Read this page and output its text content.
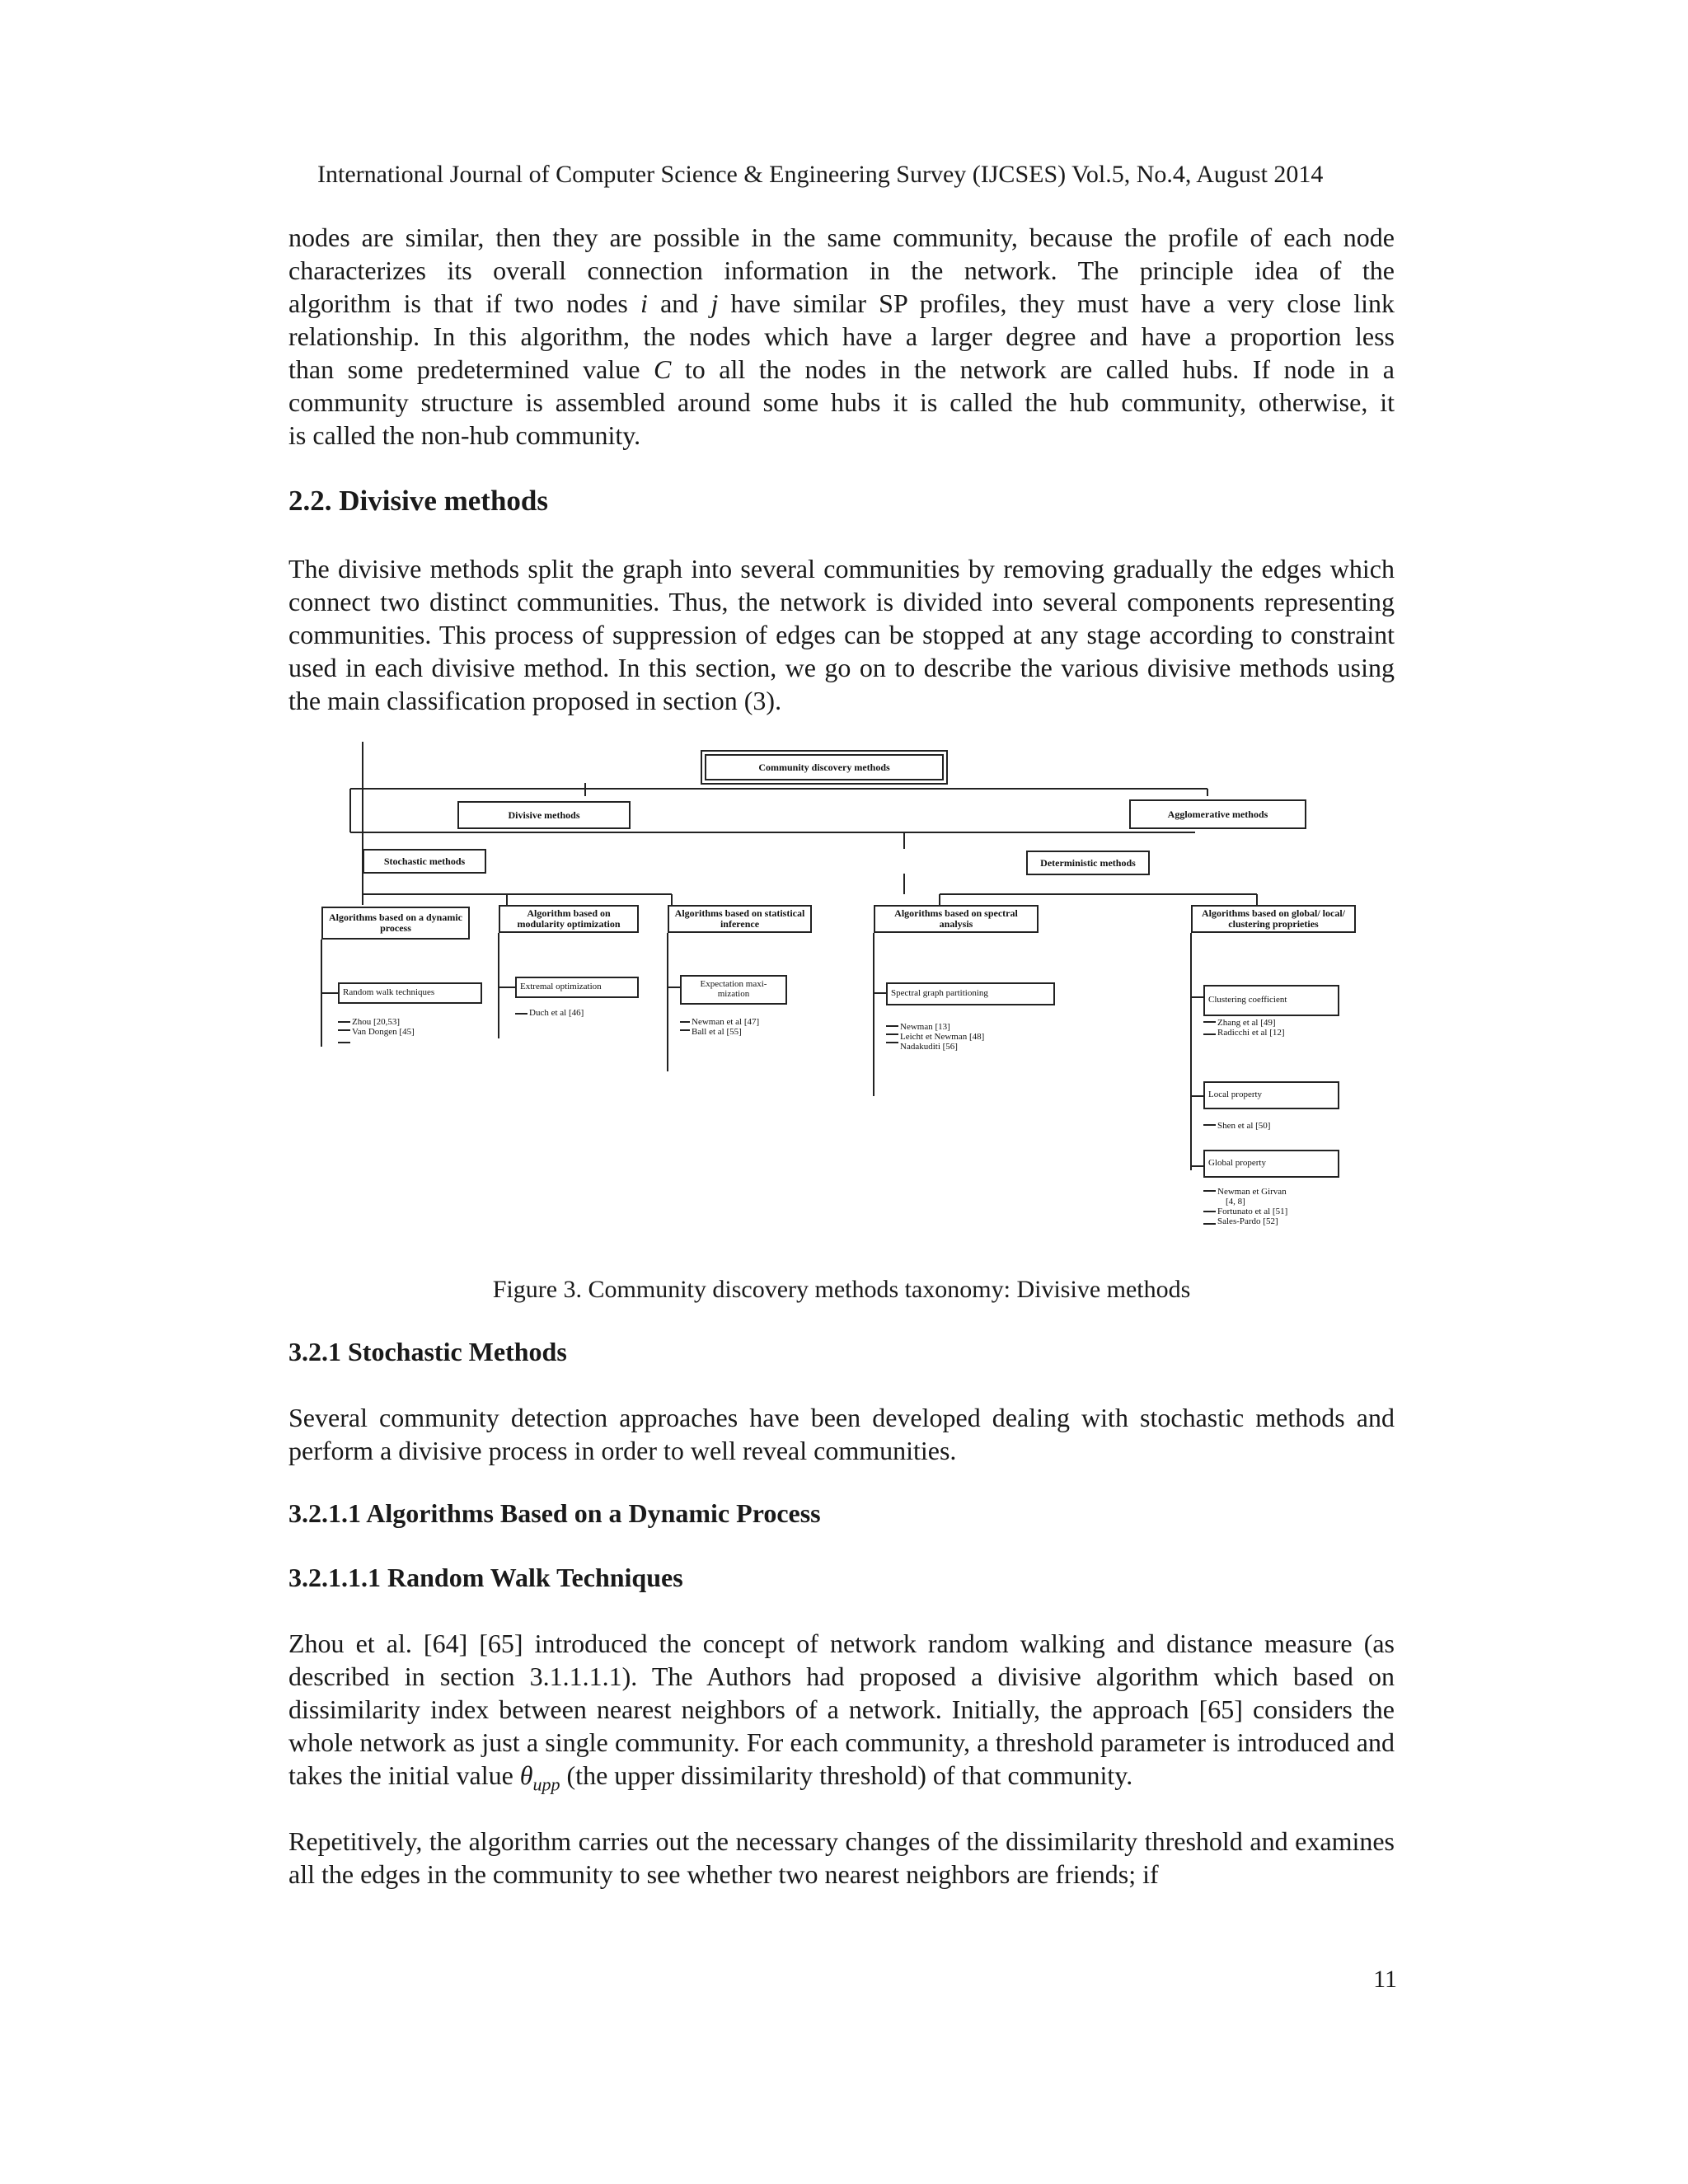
International Journal of Computer Science & Engineering Survey (IJCSES) Vol.5, No.4, August 2014
nodes are similar, then they are possible in the same community, because the profile of each node
characterizes its overall connection information in the network. The principle idea of the
algorithm is that if two nodes i and j have similar SP profiles, they must have a very close link
relationship. In this algorithm, the nodes which have a larger degree and have a proportion less
than some predetermined value C to all the nodes in the network are called hubs. If node in a
community structure is assembled around some hubs it is called the hub community, otherwise, it
is called the non-hub community.
2.2. Divisive methods

The divisive methods split the graph into several communities by removing gradually the edges which connect two distinct communities. Thus, the network is divided into several components representing communities. This process of suppression of edges can be stopped at any stage according to constraint used in each divisive method. In this section, we go on to describe the various divisive methods using the main classification proposed in section (3).

Community discovery methods
Divisive methods	Agglomerative methods
Stochastic methods	Deterministic methods
Algorithms based on a dynamic process
Algorithm based on modularity optimization
Algorithms based on statistical inference
Algorithms based on spectral analysis
Algorithms based on global/ local/ clustering proprieties
Random walk techniques
Extremal optimization	Expectation maxi-mization	Spectral graph partitioning
Clustering coefficient
Local property
Global property
Zhou [20,53]
Van Dongen [45]
Duch et al [46]
Newman et al [47]
Ball et al [55]	Newman [13]
Leicht et Newman [48]
Nadakuditi [56]
Zhang et al [49]
Radicchi et al [12]
Shen et al [50]
Newman et Girvan
[4, 8]
Fortunato et al [51]
Sales-Pardo [52]
Figure 3. Community discovery methods taxonomy: Divisive methods
3.2.1 Stochastic Methods

Several community detection approaches have been developed dealing with stochastic methods and perform a divisive process in order to well reveal communities.

3.2.1.1 Algorithms Based on a Dynamic Process
3.2.1.1.1 Random Walk Techniques

Zhou et al. [64] [65] introduced the concept of network random walking and distance measure (as described in section 3.1.1.1.1). The Authors had proposed a divisive algorithm which based on dissimilarity index between nearest neighbors of a network. Initially, the approach [65] considers the whole network as just a single community. For each community, a threshold parameter is introduced and takes the initial value $\theta_{upp}$ (the upper dissimilarity threshold) of that community.

Repetitively, the algorithm carries out the necessary changes of the dissimilarity threshold and examines all the edges in the community to see whether two nearest neighbors are friends; if

11
